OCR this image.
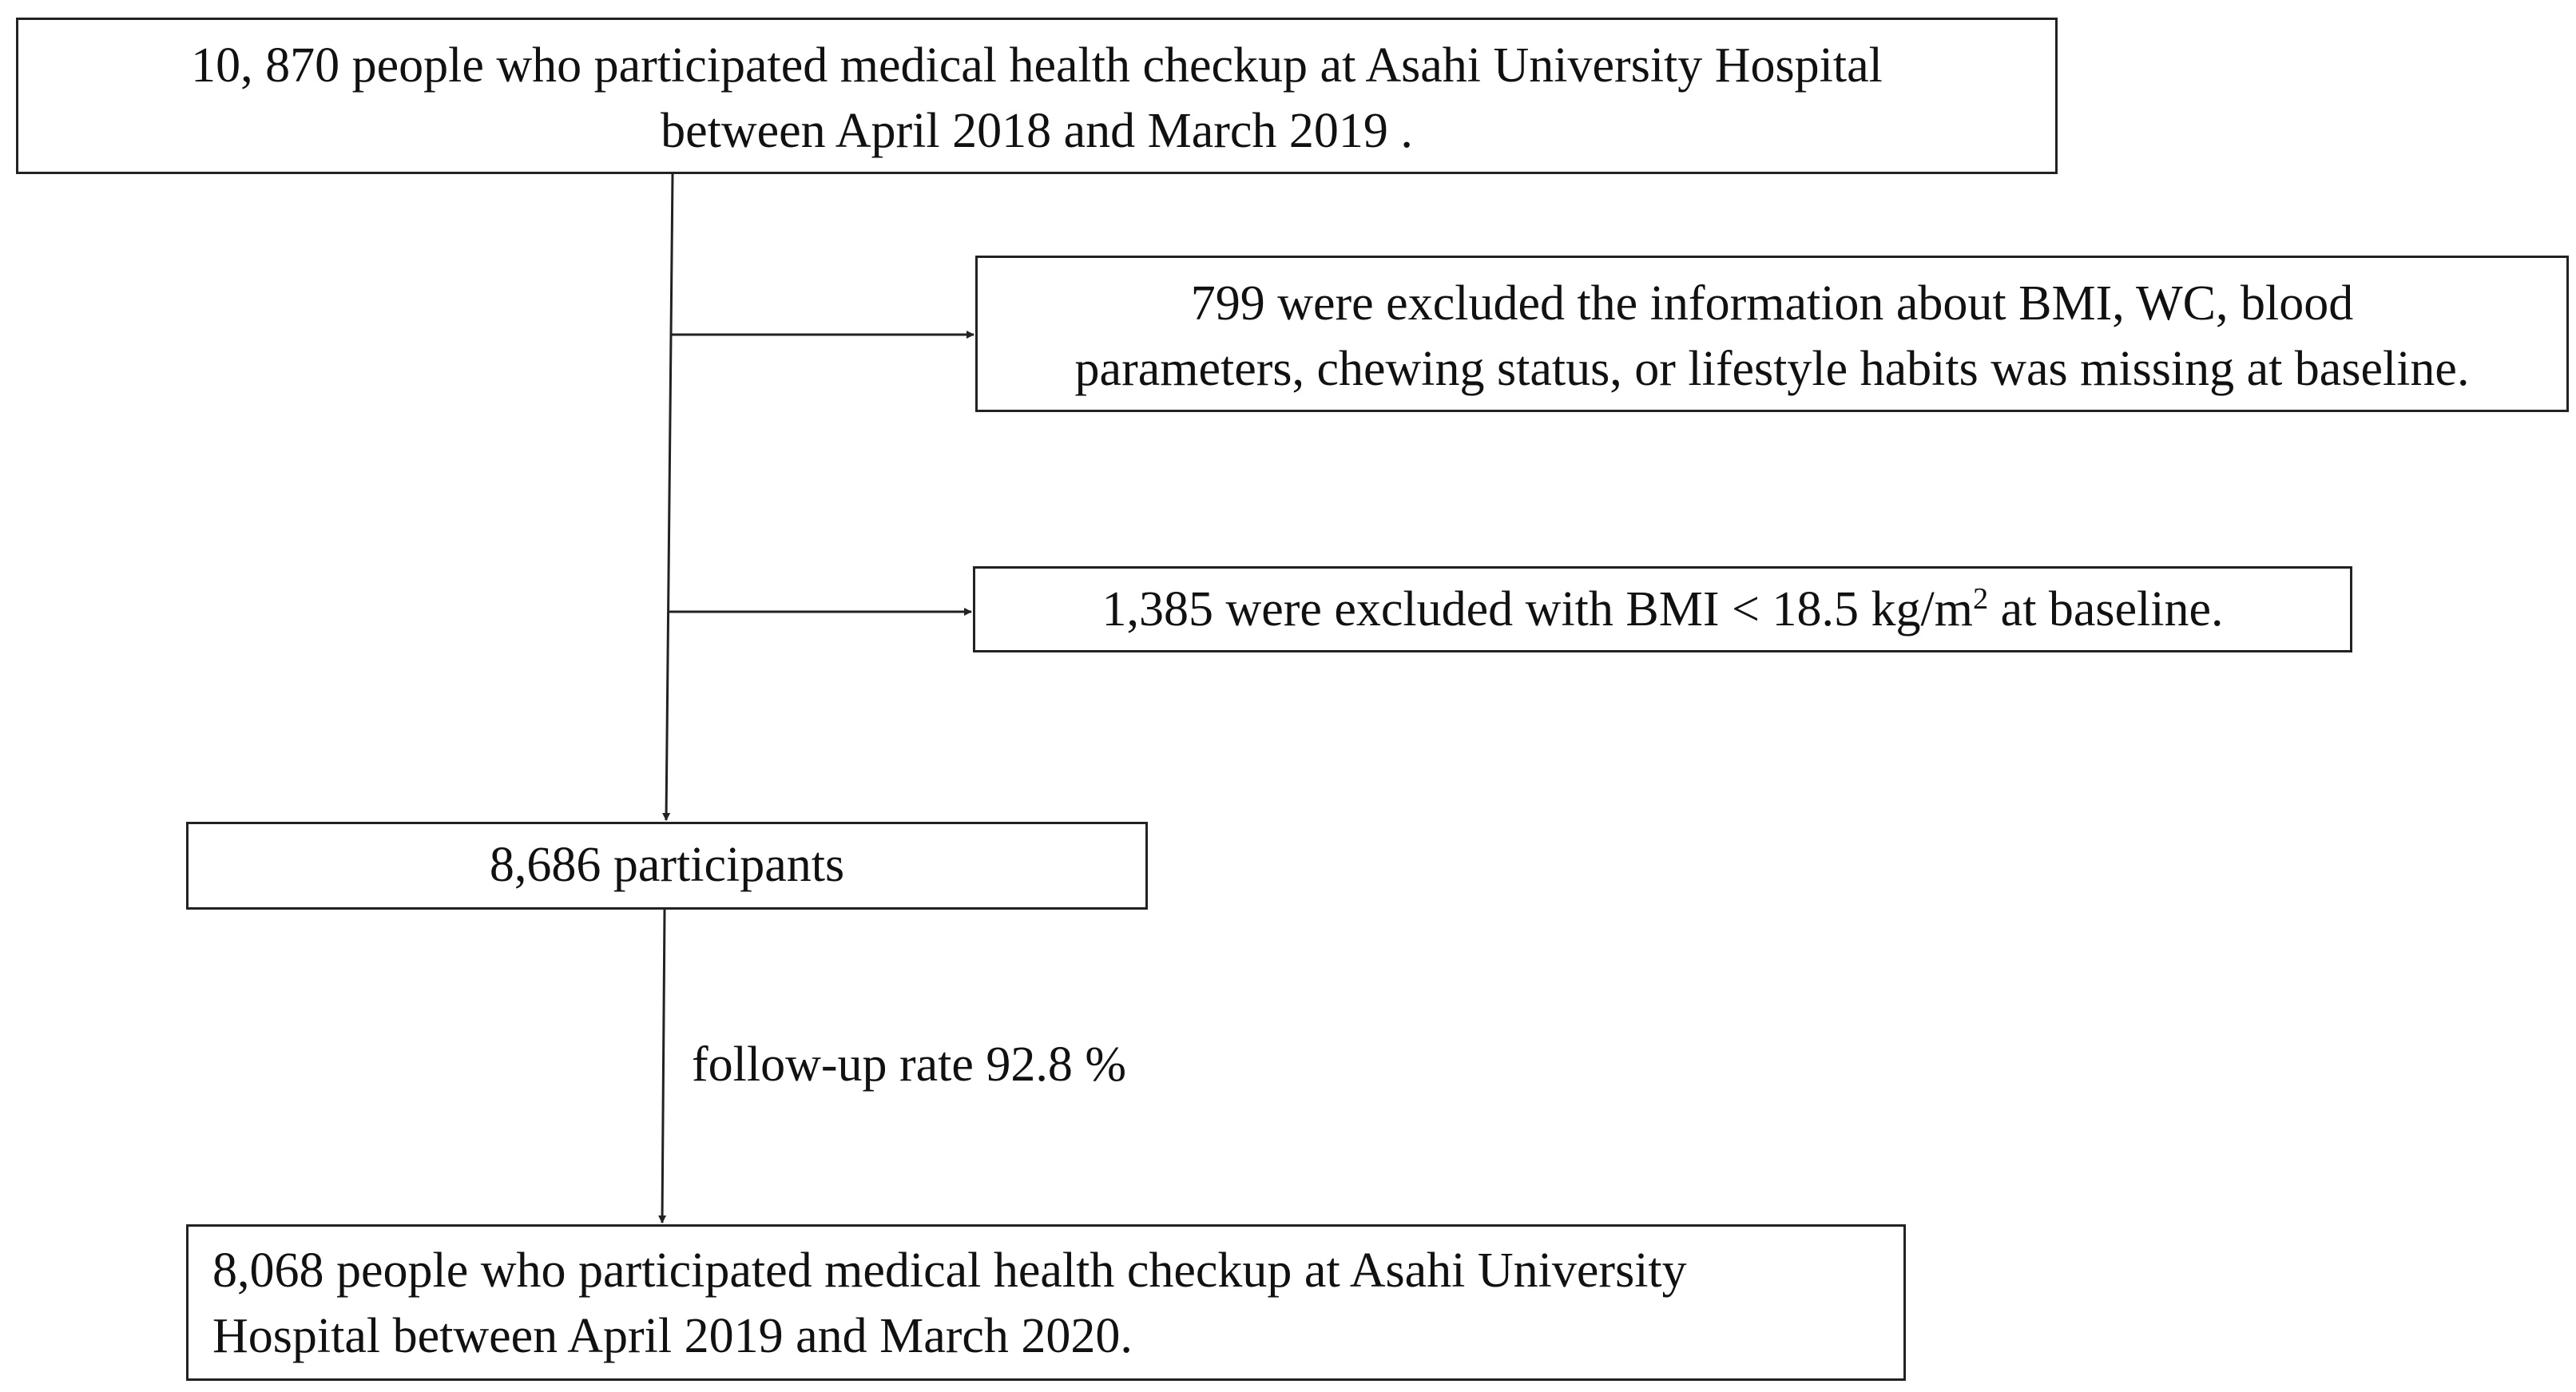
10, 870 people who participated medical health checkup at Asahi University Hospital
between April 2018 and March 2019 .
799 were excluded the information about BMI, WC, blood
parameters, chewing status, or lifestyle habits was missing at baseline.
1,385 were excluded with BMI < 18.5 $kg/m^2$ at baseline.
8,686 participants
follow-up rate 92.8 %
8,068 people who participated medical health checkup at Asahi University
Hospital between April 2019 and March 2020.
